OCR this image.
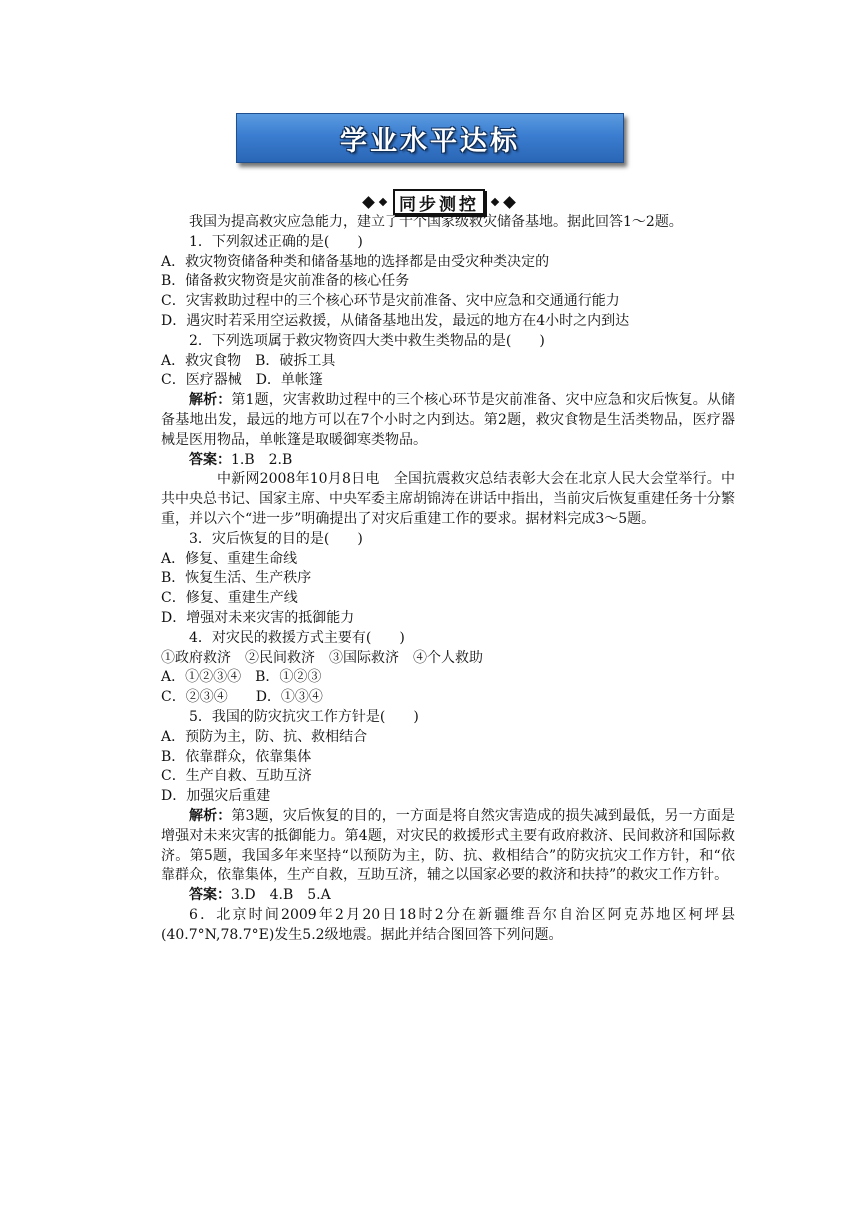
学业水平达标
同步测控

我国为提高救灾应急能力，建立了十个国家级救灾储备基地。据此回答1～2题。

1．下列叙述正确的是(　　)

A．救灾物资储备种类和储备基地的选择都是由受灾种类决定的

B．储备救灾物资是灾前准备的核心任务

C．灾害救助过程中的三个核心环节是灾前准备、灾中应急和交通通行能力

D．遇灾时若采用空运救援，从储备基地出发，最远的地方在4小时之内到达

2．下列选项属于救灾物资四大类中救生类物品的是(　　)

A．救灾食物　B．破拆工具

C．医疗器械　D．单帐篷

解析：第1题，灾害救助过程中的三个核心环节是灾前准备、灾中应急和灾后恢复。从储备基地出发，最远的地方可以在7个小时之内到达。第2题，救灾食物是生活类物品，医疗器械是医用物品，单帐篷是取暖御寒类物品。

答案：1.B　2.B

中新网2008年10月8日电　全国抗震救灾总结表彰大会在北京人民大会堂举行。中共中央总书记、国家主席、中央军委主席胡锦涛在讲话中指出，当前灾后恢复重建任务十分繁重，并以六个“进一步”明确提出了对灾后重建工作的要求。据材料完成3～5题。

3．灾后恢复的目的是(　　)

A．修复、重建生命线

B．恢复生活、生产秩序

C．修复、重建生产线

D．增强对未来灾害的抵御能力

4．对灾民的救援方式主要有(　　)

①政府救济　②民间救济　③国际救济　④个人救助

A．①②③④　B．①②③

C．②③④　　D．①③④

5．我国的防灾抗灾工作方针是(　　)

A．预防为主，防、抗、救相结合

B．依靠群众，依靠集体

C．生产自救、互助互济

D．加强灾后重建

解析：第3题，灾后恢复的目的，一方面是将自然灾害造成的损失减到最低，另一方面是增强对未来灾害的抵御能力。第4题，对灾民的救援形式主要有政府救济、民间救济和国际救济。第5题，我国多年来坚持“以预防为主，防、抗、救相结合”的防灾抗灾工作方针，和“依靠群众，依靠集体，生产自救，互助互济，辅之以国家必要的救济和扶持”的救灾工作方针。

答案：3.D　4.B　5.A

6．北京时间2009年2月20日18时2分在新疆维吾尔自治区阿克苏地区柯坪县(40.7°N,78.7°E)发生5.2级地震。据此并结合图回答下列问题。
